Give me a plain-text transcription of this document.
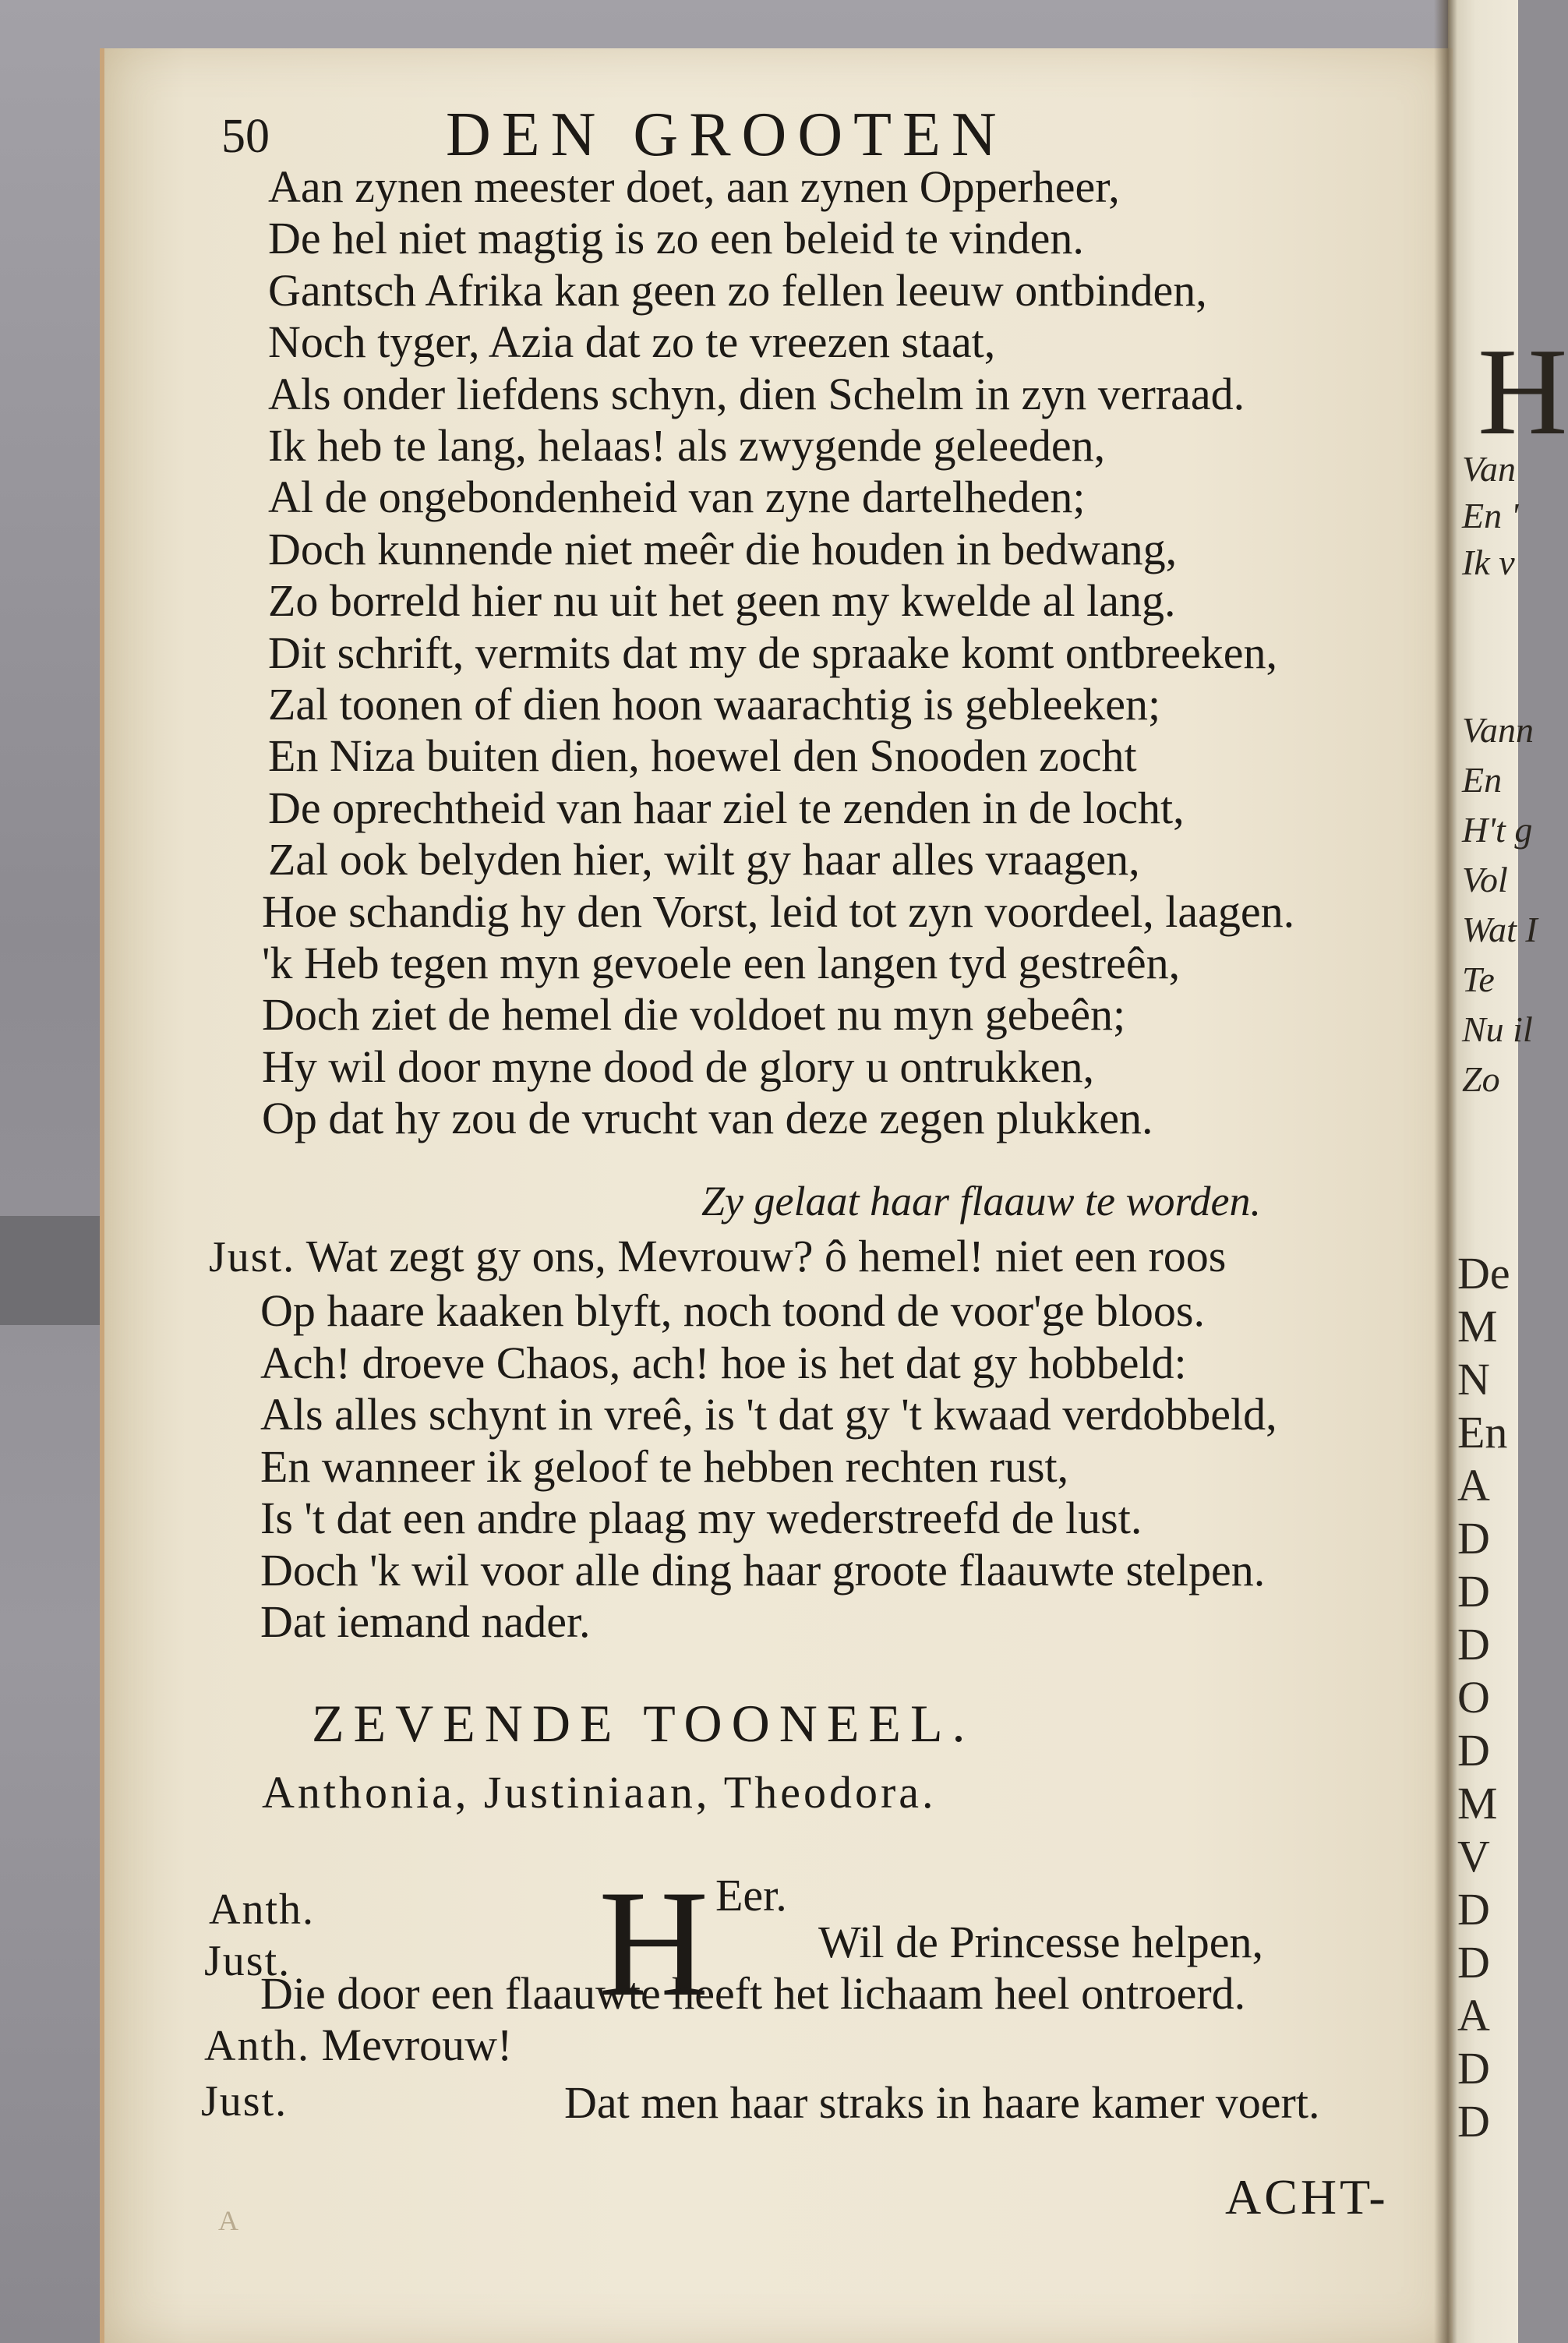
H
Van
En '
Ik v
Vann
En
H't g
Vol
Wat I
Te
Nu il
Zo
De
M
N
En
A
D
D
D
O
D
M
V
D
D
A
D
D
50	DEN GROOTEN
Aan zynen meester doet, aan zynen Opperheer,
De hel niet magtig is zo een beleid te vinden.
Gantsch Afrika kan geen zo fellen leeuw ontbinden,
Noch tyger, Azia dat zo te vreezen staat,
Als onder liefdens schyn, dien Schelm in zyn verraad.
Ik heb te lang, helaas! als zwygende geleeden,
Al de ongebondenheid van zyne dartelheden;
Doch kunnende niet meêr die houden in bedwang,
Zo borreld hier nu uit het geen my kwelde al lang.
Dit schrift, vermits dat my de spraake komt ontbreeken,
Zal toonen of dien hoon waarachtig is gebleeken;
En Niza buiten dien, hoewel den Snooden zocht
De oprechtheid van haar ziel te zenden in de locht,
Zal ook belyden hier, wilt gy haar alles vraagen,
Hoe schandig hy den Vorst, leid tot zyn voordeel, laagen.
'k Heb tegen myn gevoele een langen tyd gestreên,
Doch ziet de hemel die voldoet nu myn gebeên;
Hy wil door myne dood de glory u ontrukken,
Op dat hy zou de vrucht van deze zegen plukken.
Zy gelaat haar flaauw te worden.
Just. Wat zegt gy ons, Mevrouw? ô hemel! niet een roos
Op haare kaaken blyft, noch toond de voor'ge bloos.
Ach! droeve Chaos, ach! hoe is het dat gy hobbeld:
Als alles schynt in vreê, is 't dat gy 't kwaad verdobbeld,
En wanneer ik geloof te hebben rechten rust,
Is 't dat een andre plaag my wederstreefd de lust.
Doch 'k wil voor alle ding haar groote flaauwte stelpen.
Dat iemand nader.
ZEVENDE TOONEEL.
Anthonia, Justiniaan, Theodora.
Anth. H Eer.
Just.	Wil de Princesse helpen,
Die door een flaauwte heeft het lichaam heel ontroerd.
Anth. Mevrouw!
Just.	Dat men haar straks in haare kamer voert.
ACHT-
A
